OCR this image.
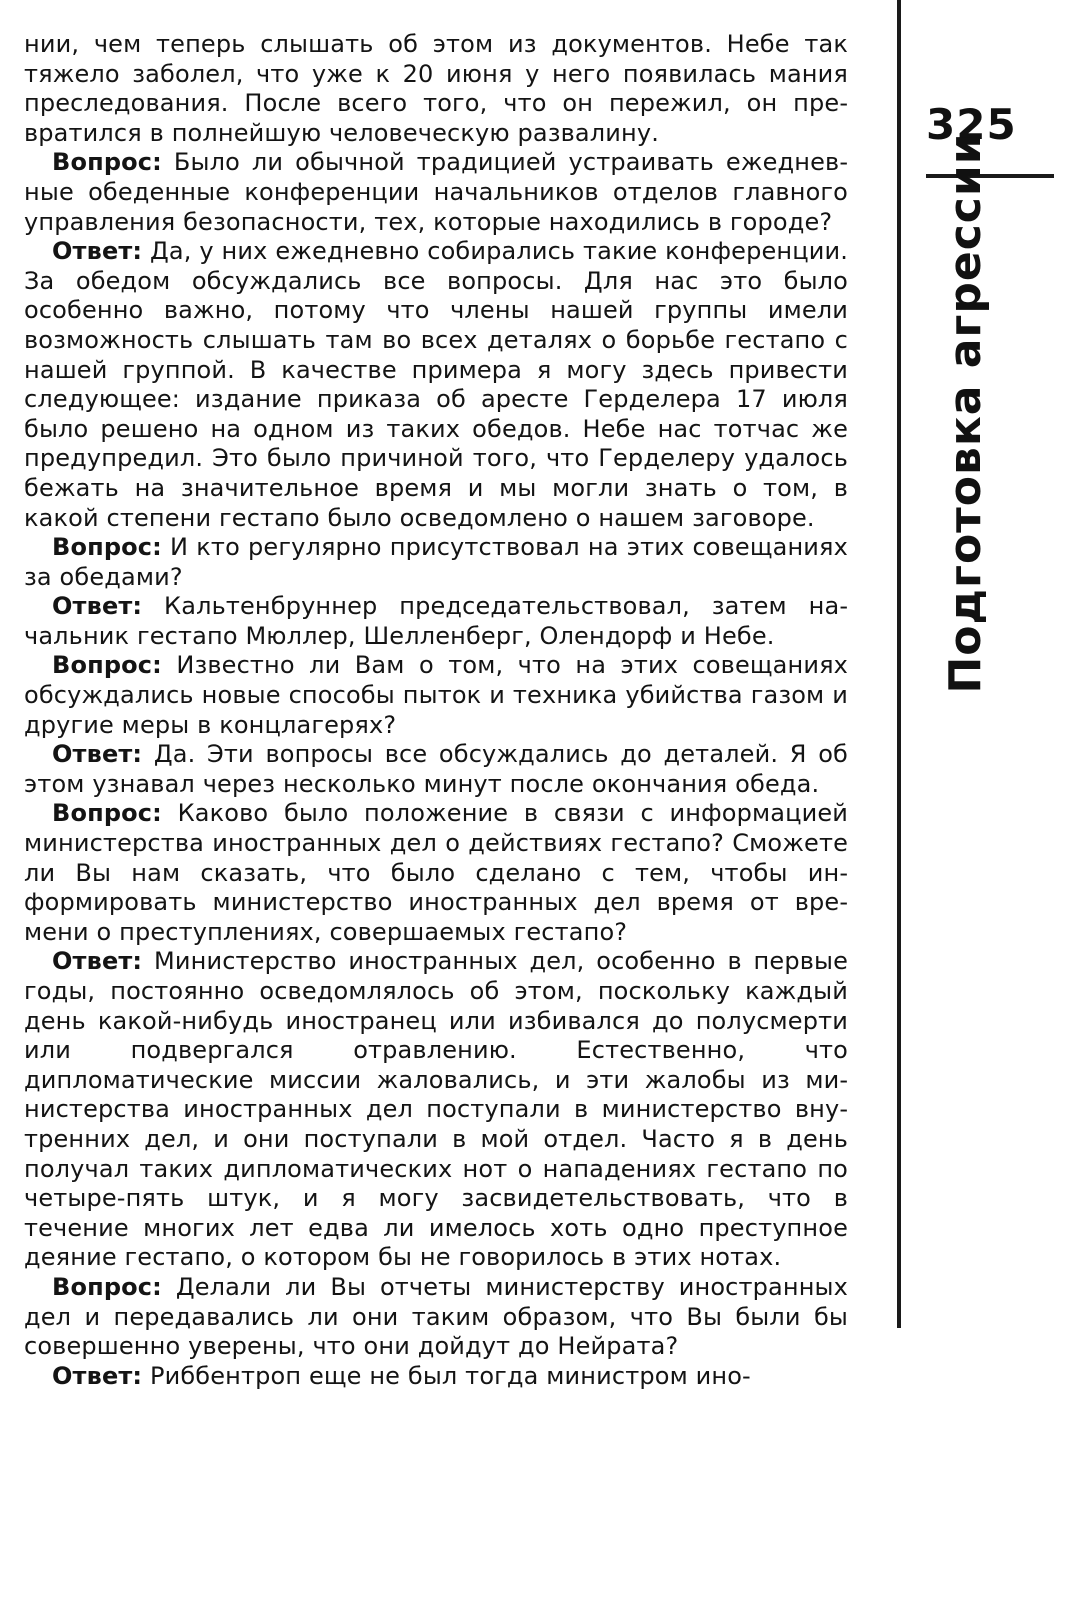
нии, чем теперь слышать об этом из документов. Небе так тяжело заболел, что уже к 20 июня у него появилась мания преследования. После всего того, что он пережил, он превратился в полнейшую человеческую развалину.

Вопрос: Было ли обычной традицией устраивать ежедневные обеденные конференции начальников отделов главного управления безопасности, тех, которые находились в городе?

Ответ: Да, у них ежедневно собирались такие конференции. За обедом обсуждались все вопросы. Для нас это было особенно важно, потому что члены нашей группы имели возможность слышать там во всех деталях о борьбе гестапо с нашей группой. В качестве примера я могу здесь привести следующее: издание приказа об аресте Герделера 17 июля было решено на одном из таких обедов. Небе нас тотчас же предупредил. Это было причиной того, что Герделеру удалось бежать на значительное время и мы могли знать о том, в какой степени гестапо было осведомлено о нашем заговоре.

Вопрос: И кто регулярно присутствовал на этих совещаниях за обедами?

Ответ: Кальтенбруннер председательствовал, затем начальник гестапо Мюллер, Шелленберг, Олендорф и Небе.

Вопрос: Известно ли Вам о том, что на этих совещаниях обсуждались новые способы пыток и техника убийства газом и другие меры в концлагерях?

Ответ: Да. Эти вопросы все обсуждались до деталей. Я об этом узнавал через несколько минут после окончания обеда.

Вопрос: Каково было положение в связи с информацией министерства иностранных дел о действиях гестапо? Сможете ли Вы нам сказать, что было сделано с тем, чтобы информировать министерство иностранных дел время от времени о преступлениях, совершаемых гестапо?

Ответ: Министерство иностранных дел, особенно в первые годы, постоянно осведомлялось об этом, поскольку каждый день какой-нибудь иностранец или избивался до полусмерти или подвергался отравлению. Естественно, что дипломатические миссии жаловались, и эти жалобы из министерства иностранных дел поступали в министерство внутренних дел, и они поступали в мой отдел. Часто я в день получал таких дипломатических нот о нападениях гестапо по четыре-пять штук, и я могу засвидетельствовать, что в течение многих лет едва ли имелось хоть одно преступное деяние гестапо, о котором бы не говорилось в этих нотах.

Вопрос: Делали ли Вы отчеты министерству иностранных дел и передавались ли они таким образом, что Вы были бы совершенно уверены, что они дойдут до Нейрата?

Ответ: Риббентроп еще не был тогда министром ино-

325
Подготовка агрессии
